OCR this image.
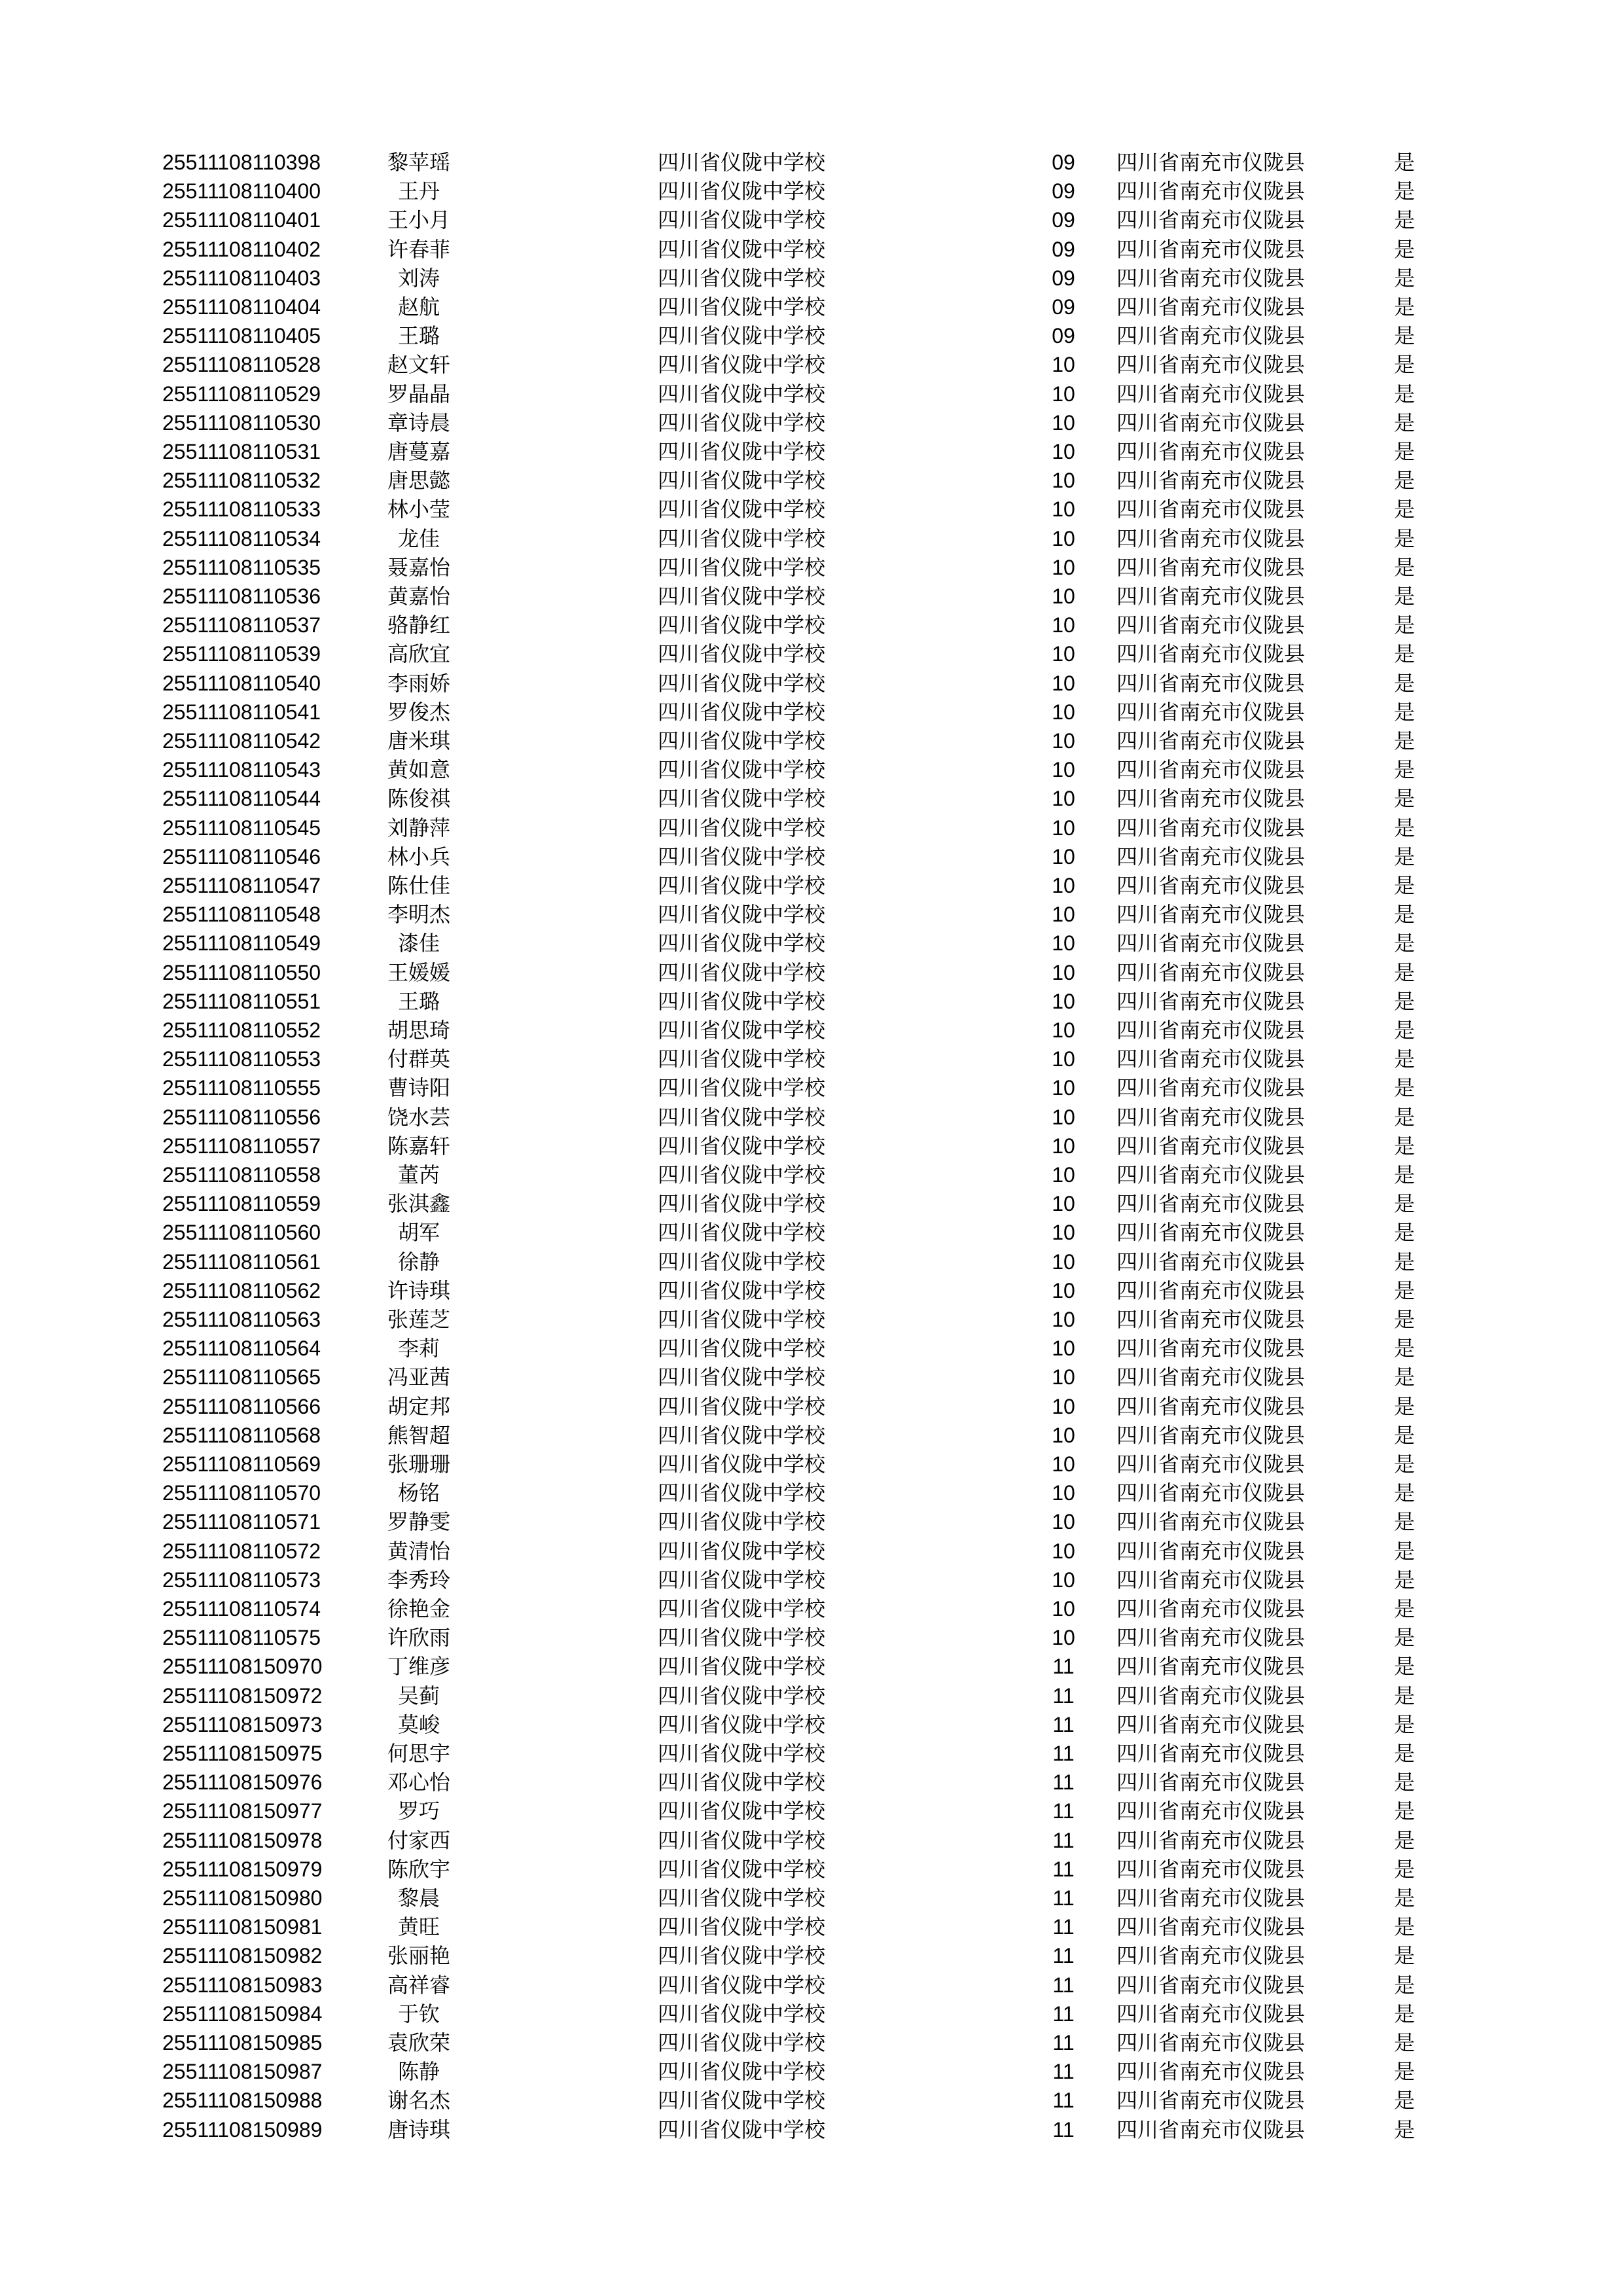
25511108110398	黎苹瑶	四川省仪陇中学校	09 四川省南充市仪陇县	是
25511108110400	王丹	四川省仪陇中学校	09 四川省南充市仪陇县	是
25511108110401	王小月	四川省仪陇中学校	09 四川省南充市仪陇县	是
25511108110402	许春菲	四川省仪陇中学校	09 四川省南充市仪陇县	是
25511108110403	刘涛	四川省仪陇中学校	09 四川省南充市仪陇县	是
25511108110404	赵航	四川省仪陇中学校	09 四川省南充市仪陇县	是
25511108110405	王璐	四川省仪陇中学校	09 四川省南充市仪陇县	是
25511108110528	赵文轩	四川省仪陇中学校	10 四川省南充市仪陇县	是
25511108110529	罗晶晶	四川省仪陇中学校	10 四川省南充市仪陇县	是
25511108110530	章诗晨	四川省仪陇中学校	10 四川省南充市仪陇县	是
25511108110531	唐蔓嘉	四川省仪陇中学校	10 四川省南充市仪陇县	是
25511108110532	唐思懿	四川省仪陇中学校	10 四川省南充市仪陇县	是
25511108110533	林小莹	四川省仪陇中学校	10 四川省南充市仪陇县	是
25511108110534	龙佳	四川省仪陇中学校	10 四川省南充市仪陇县	是
25511108110535	聂嘉怡	四川省仪陇中学校	10 四川省南充市仪陇县	是
25511108110536	黄嘉怡	四川省仪陇中学校	10 四川省南充市仪陇县	是
25511108110537	骆静红	四川省仪陇中学校	10 四川省南充市仪陇县	是
25511108110539	高欣宜	四川省仪陇中学校	10 四川省南充市仪陇县	是
25511108110540	李雨娇	四川省仪陇中学校	10 四川省南充市仪陇县	是
25511108110541	罗俊杰	四川省仪陇中学校	10 四川省南充市仪陇县	是
25511108110542	唐米琪	四川省仪陇中学校	10 四川省南充市仪陇县	是
25511108110543	黄如意	四川省仪陇中学校	10 四川省南充市仪陇县	是
25511108110544	陈俊祺	四川省仪陇中学校	10 四川省南充市仪陇县	是
25511108110545	刘静萍	四川省仪陇中学校	10 四川省南充市仪陇县	是
25511108110546	林小兵	四川省仪陇中学校	10 四川省南充市仪陇县	是
25511108110547	陈仕佳	四川省仪陇中学校	10 四川省南充市仪陇县	是
25511108110548	李明杰	四川省仪陇中学校	10 四川省南充市仪陇县	是
25511108110549	漆佳	四川省仪陇中学校	10 四川省南充市仪陇县	是
25511108110550	王媛媛	四川省仪陇中学校	10 四川省南充市仪陇县	是
25511108110551	王璐	四川省仪陇中学校	10 四川省南充市仪陇县	是
25511108110552	胡思琦	四川省仪陇中学校	10 四川省南充市仪陇县	是
25511108110553	付群英	四川省仪陇中学校	10 四川省南充市仪陇县	是
25511108110555	曹诗阳	四川省仪陇中学校	10 四川省南充市仪陇县	是
25511108110556	饶水芸	四川省仪陇中学校	10 四川省南充市仪陇县	是
25511108110557	陈嘉轩	四川省仪陇中学校	10 四川省南充市仪陇县	是
25511108110558	董芮	四川省仪陇中学校	10 四川省南充市仪陇县	是
25511108110559	张淇鑫	四川省仪陇中学校	10 四川省南充市仪陇县	是
25511108110560	胡军	四川省仪陇中学校	10 四川省南充市仪陇县	是
25511108110561	徐静	四川省仪陇中学校	10 四川省南充市仪陇县	是
25511108110562	许诗琪	四川省仪陇中学校	10 四川省南充市仪陇县	是
25511108110563	张莲芝	四川省仪陇中学校	10 四川省南充市仪陇县	是
25511108110564	李莉	四川省仪陇中学校	10 四川省南充市仪陇县	是
25511108110565	冯亚茜	四川省仪陇中学校	10 四川省南充市仪陇县	是
25511108110566	胡定邦	四川省仪陇中学校	10 四川省南充市仪陇县	是
25511108110568	熊智超	四川省仪陇中学校	10 四川省南充市仪陇县	是
25511108110569	张珊珊	四川省仪陇中学校	10 四川省南充市仪陇县	是
25511108110570	杨铭	四川省仪陇中学校	10 四川省南充市仪陇县	是
25511108110571	罗静雯	四川省仪陇中学校	10 四川省南充市仪陇县	是
25511108110572	黄清怡	四川省仪陇中学校	10 四川省南充市仪陇县	是
25511108110573	李秀玲	四川省仪陇中学校	10 四川省南充市仪陇县	是
25511108110574	徐艳金	四川省仪陇中学校	10 四川省南充市仪陇县	是
25511108110575	许欣雨	四川省仪陇中学校	10 四川省南充市仪陇县	是
25511108150970	丁维彦	四川省仪陇中学校	11 四川省南充市仪陇县	是
25511108150972	吴蓟	四川省仪陇中学校	11 四川省南充市仪陇县	是
25511108150973	莫峻	四川省仪陇中学校	11 四川省南充市仪陇县	是
25511108150975	何思宇	四川省仪陇中学校	11 四川省南充市仪陇县	是
25511108150976	邓心怡	四川省仪陇中学校	11 四川省南充市仪陇县	是
25511108150977	罗巧	四川省仪陇中学校	11 四川省南充市仪陇县	是
25511108150978	付家西	四川省仪陇中学校	11 四川省南充市仪陇县	是
25511108150979	陈欣宇	四川省仪陇中学校	11 四川省南充市仪陇县	是
25511108150980	黎晨	四川省仪陇中学校	11 四川省南充市仪陇县	是
25511108150981	黄旺	四川省仪陇中学校	11 四川省南充市仪陇县	是
25511108150982	张丽艳	四川省仪陇中学校	11 四川省南充市仪陇县	是
25511108150983	高祥睿	四川省仪陇中学校	11 四川省南充市仪陇县	是
25511108150984	于钦	四川省仪陇中学校	11 四川省南充市仪陇县	是
25511108150985	袁欣荣	四川省仪陇中学校	11 四川省南充市仪陇县	是
25511108150987	陈静	四川省仪陇中学校	11 四川省南充市仪陇县	是
25511108150988	谢名杰	四川省仪陇中学校	11 四川省南充市仪陇县	是
25511108150989	唐诗琪	四川省仪陇中学校	11 四川省南充市仪陇县	是
